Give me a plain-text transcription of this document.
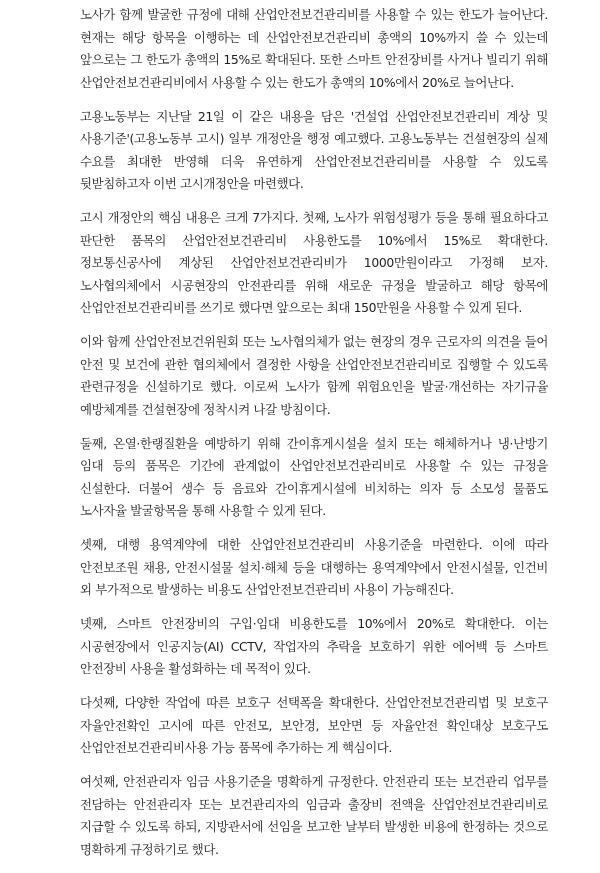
노사가 함께 발굴한 규정에 대해 산업안전보건관리비를 사용할 수 있는 한도가 늘어난다. 현재는 해당 항목을 이행하는 데 산업안전보건관리비 총액의 10%까지 쓸 수 있는데 앞으로는 그 한도가 총액의 15%로 확대된다. 또한 스마트 안전장비를 사거나 빌리기 위해 산업안전보건관리비에서 사용할 수 있는 한도가 총액의 10%에서 20%로 늘어난다.

고용노동부는 지난달 21일 이 같은 내용을 담은 '건설업 산업안전보건관리비 계상 및 사용기준'(고용노동부 고시) 일부 개정안을 행정 예고했다. 고용노동부는 건설현장의 실제 수요를 최대한 반영해 더욱 유연하게 산업안전보건관리비를 사용할 수 있도록 뒷받침하고자 이번 고시개정안을 마련했다.

고시 개정안의 핵심 내용은 크게 7가지다. 첫째, 노사가 위험성평가 등을 통해 필요하다고 판단한 품목의 산업안전보건관리비 사용한도를 10%에서 15%로 확대한다. 정보통신공사에 계상된 산업안전보건관리비가 1000만원이라고 가정해 보자. 노사협의체에서 시공현장의 안전관리를 위해 새로운 규정을 발굴하고 해당 항목에 산업안전보건관리비를 쓰기로 했다면 앞으로는 최대 150만원을 사용할 수 있게 된다.

이와 함께 산업안전보건위원회 또는 노사협의체가 없는 현장의 경우 근로자의 의견을 들어 안전 및 보건에 관한 협의체에서 결정한 사항을 산업안전보건관리비로 집행할 수 있도록 관련규정을 신설하기로 했다. 이로써 노사가 함께 위험요인을 발굴·개선하는 자기규율 예방체계를 건설현장에 정착시켜 나갈 방침이다.

둘째, 온열·한랭질환을 예방하기 위해 간이휴게시설을 설치 또는 해체하거나 냉·난방기 임대 등의 품목은 기간에 관계없이 산업안전보건관리비로 사용할 수 있는 규정을 신설한다. 더불어 생수 등 음료와 간이휴게시설에 비치하는 의자 등 소모성 물품도 노사자율 발굴항목을 통해 사용할 수 있게 된다.

셋째, 대행 용역계약에 대한 산업안전보건관리비 사용기준을 마련한다. 이에 따라 안전보조원 채용, 안전시설물 설치·해체 등을 대행하는 용역계약에서 안전시설물, 인건비 외 부가적으로 발생하는 비용도 산업안전보건관리비 사용이 가능해진다.

넷째, 스마트 안전장비의 구입·임대 비용한도를 10%에서 20%로 확대한다. 이는 시공현장에서 인공지능(AI) CCTV, 작업자의 추락을 보호하기 위한 에어백 등 스마트 안전장비 사용을 활성화하는 데 목적이 있다.

다섯째, 다양한 작업에 따른 보호구 선택폭을 확대한다. 산업안전보건관리법 및 보호구 자율안전확인 고시에 따른 안전모, 보안경, 보안면 등 자율안전 확인대상 보호구도 산업안전보건관리비사용 가능 품목에 추가하는 게 핵심이다.

여섯째, 안전관리자 임금 사용기준을 명확하게 규정한다. 안전관리 또는 보건관리 업무를 전담하는 안전관리자 또는 보건관리자의 임금과 출장비 전액을 산업안전보건관리비로 지급할 수 있도록 하되, 지방관서에 선임을 보고한 날부터 발생한 비용에 한정하는 것으로 명확하게 규정하기로 했다.
